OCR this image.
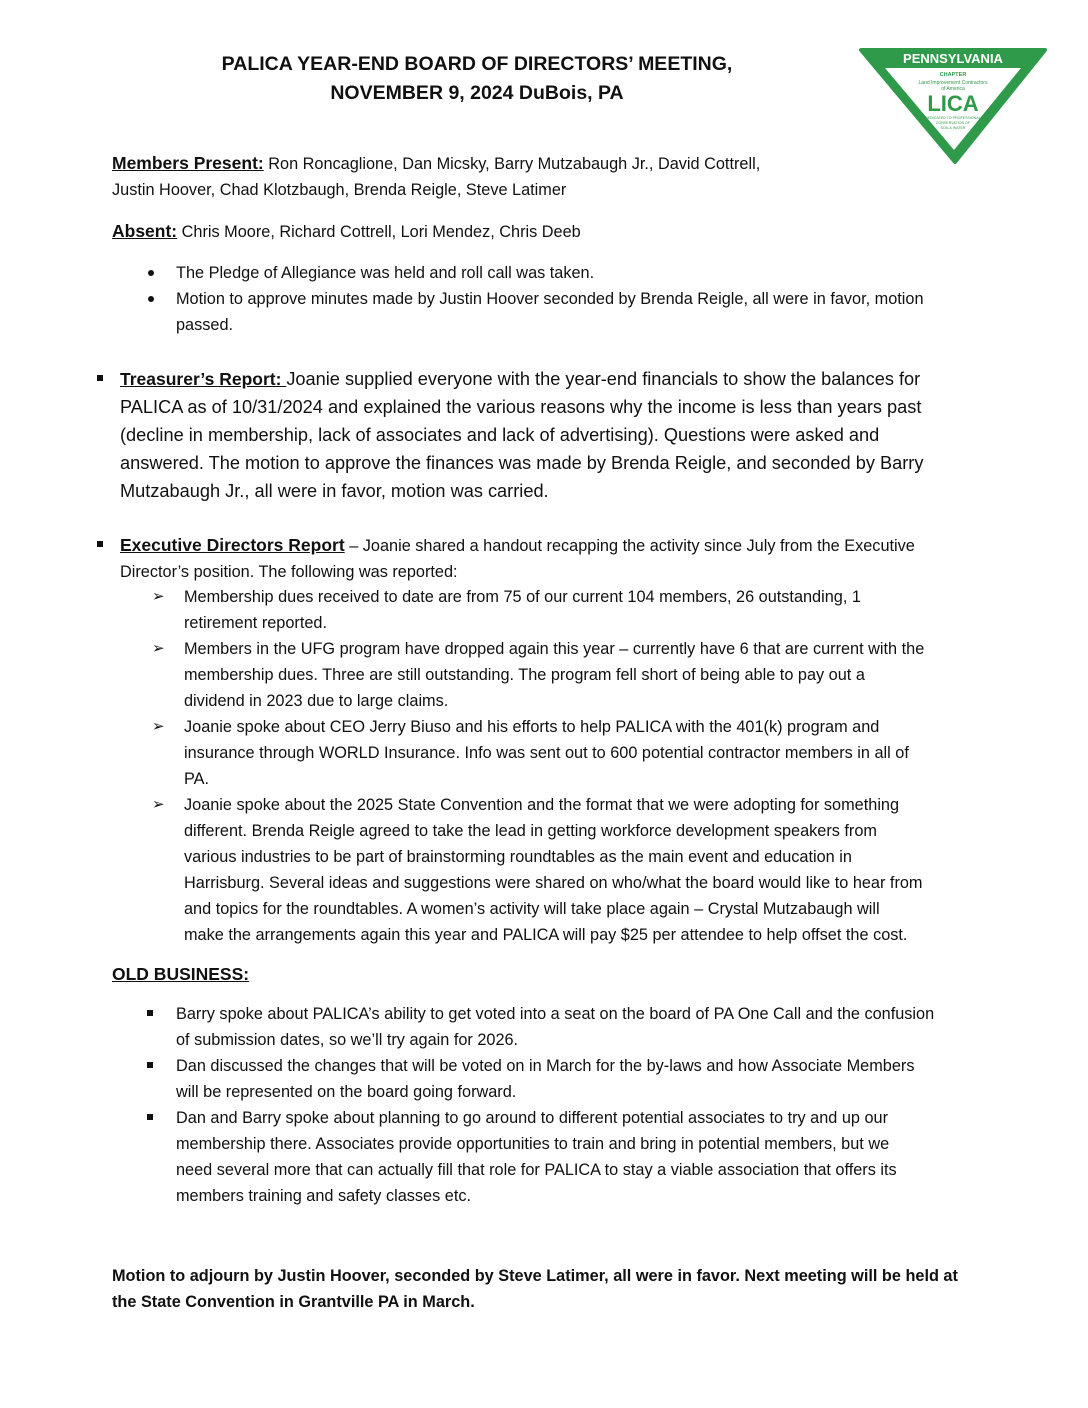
PALICA YEAR-END BOARD OF DIRECTORS’ MEETING,
NOVEMBER 9, 2024 DuBois, PA
PENNSYLVANIA
CHAPTER
Land Improvement Contractors
of America
LICA
DEDICATED TO PROFESSIONAL
CONSERVATION OF
SOIL & WATER
Members Present: Ron Roncaglione, Dan Micsky, Barry Mutzabaugh Jr., David Cottrell,
Justin Hoover, Chad Klotzbaugh, Brenda Reigle, Steve Latimer
Absent: Chris Moore, Richard Cottrell, Lori Mendez, Chris Deeb
The Pledge of Allegiance was held and roll call was taken.
Motion to approve minutes made by Justin Hoover seconded by Brenda Reigle, all were in favor, motion
passed.
Treasurer’s Report: Joanie supplied everyone with the year-end financials to show the balances for
PALICA as of 10/31/2024 and explained the various reasons why the income is less than years past
(decline in membership, lack of associates and lack of advertising). Questions were asked and
answered. The motion to approve the finances was made by Brenda Reigle, and seconded by Barry
Mutzabaugh Jr., all were in favor, motion was carried.
Executive Directors Report – Joanie shared a handout recapping the activity since July from the Executive
Director’s position. The following was reported:
➢ Membership dues received to date are from 75 of our current 104 members, 26 outstanding, 1
retirement reported.
➢ Members in the UFG program have dropped again this year – currently have 6 that are current with the
membership dues. Three are still outstanding. The program fell short of being able to pay out a
dividend in 2023 due to large claims.
➢ Joanie spoke about CEO Jerry Biuso and his efforts to help PALICA with the 401(k) program and
insurance through WORLD Insurance. Info was sent out to 600 potential contractor members in all of
PA.
➢ Joanie spoke about the 2025 State Convention and the format that we were adopting for something
different. Brenda Reigle agreed to take the lead in getting workforce development speakers from
various industries to be part of brainstorming roundtables as the main event and education in
Harrisburg. Several ideas and suggestions were shared on who/what the board would like to hear from
and topics for the roundtables. A women’s activity will take place again – Crystal Mutzabaugh will
make the arrangements again this year and PALICA will pay $25 per attendee to help offset the cost.
OLD BUSINESS:
Barry spoke about PALICA’s ability to get voted into a seat on the board of PA One Call and the confusion
of submission dates, so we’ll try again for 2026.
Dan discussed the changes that will be voted on in March for the by-laws and how Associate Members
will be represented on the board going forward.
Dan and Barry spoke about planning to go around to different potential associates to try and up our
membership there. Associates provide opportunities to train and bring in potential members, but we
need several more that can actually fill that role for PALICA to stay a viable association that offers its
members training and safety classes etc.
Motion to adjourn by Justin Hoover, seconded by Steve Latimer, all were in favor. Next meeting will be held at
the State Convention in Grantville PA in March.
